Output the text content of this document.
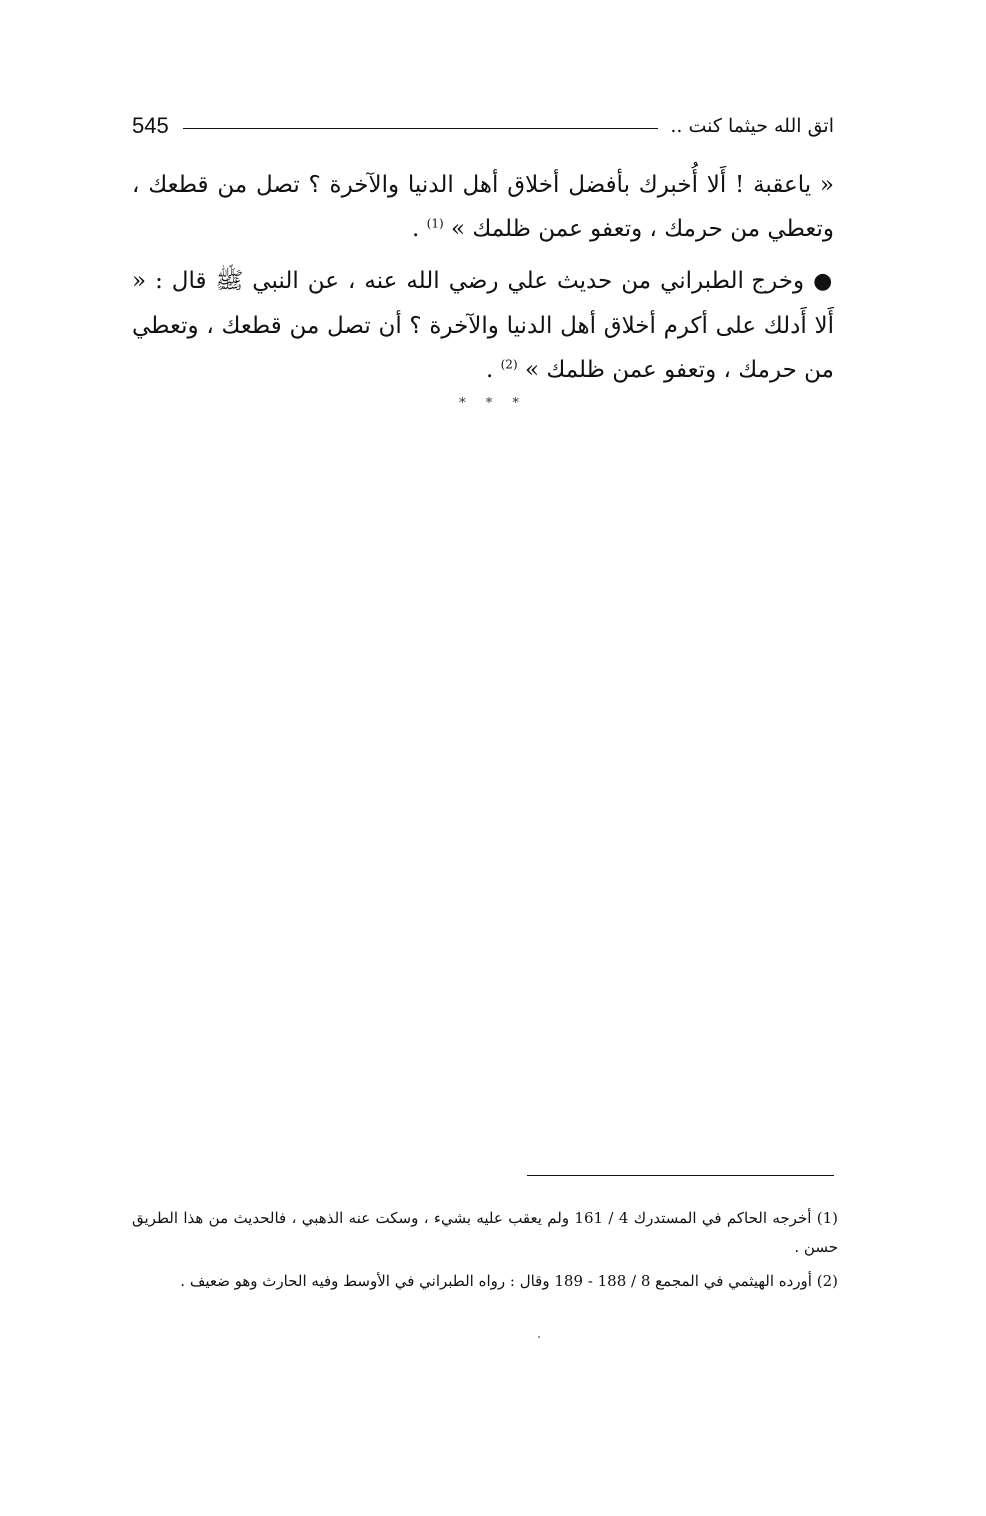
545	اتق الله حيثما كنت ..

« ياعقبة ! أَلا أُخبرك بأفضل أخلاق أهل الدنيا والآخرة ؟ تصل من قطعك ، وتعطي من حرمك ، وتعفو عمن ظلمك » $^{(1)}$ .

● وخرج الطبراني من حديث علي رضي الله عنه ، عن النبي ﷺ قال : « أَلا أَدلك على أكرم أخلاق أهل الدنيا والآخرة ؟ أن تصل من قطعك ، وتعطي من حرمك ، وتعفو عمن ظلمك » $^{(2)}$ .

* * *

(1) أخرجه الحاكم في المستدرك 4 / 161 ولم يعقب عليه بشيء ، وسكت عنه الذهبي ، فالحديث من هذا الطريق حسن .

(2) أورده الهيثمي في المجمع 8 / 188 - 189 وقال : رواه الطبراني في الأوسط وفيه الحارث وهو ضعيف .
